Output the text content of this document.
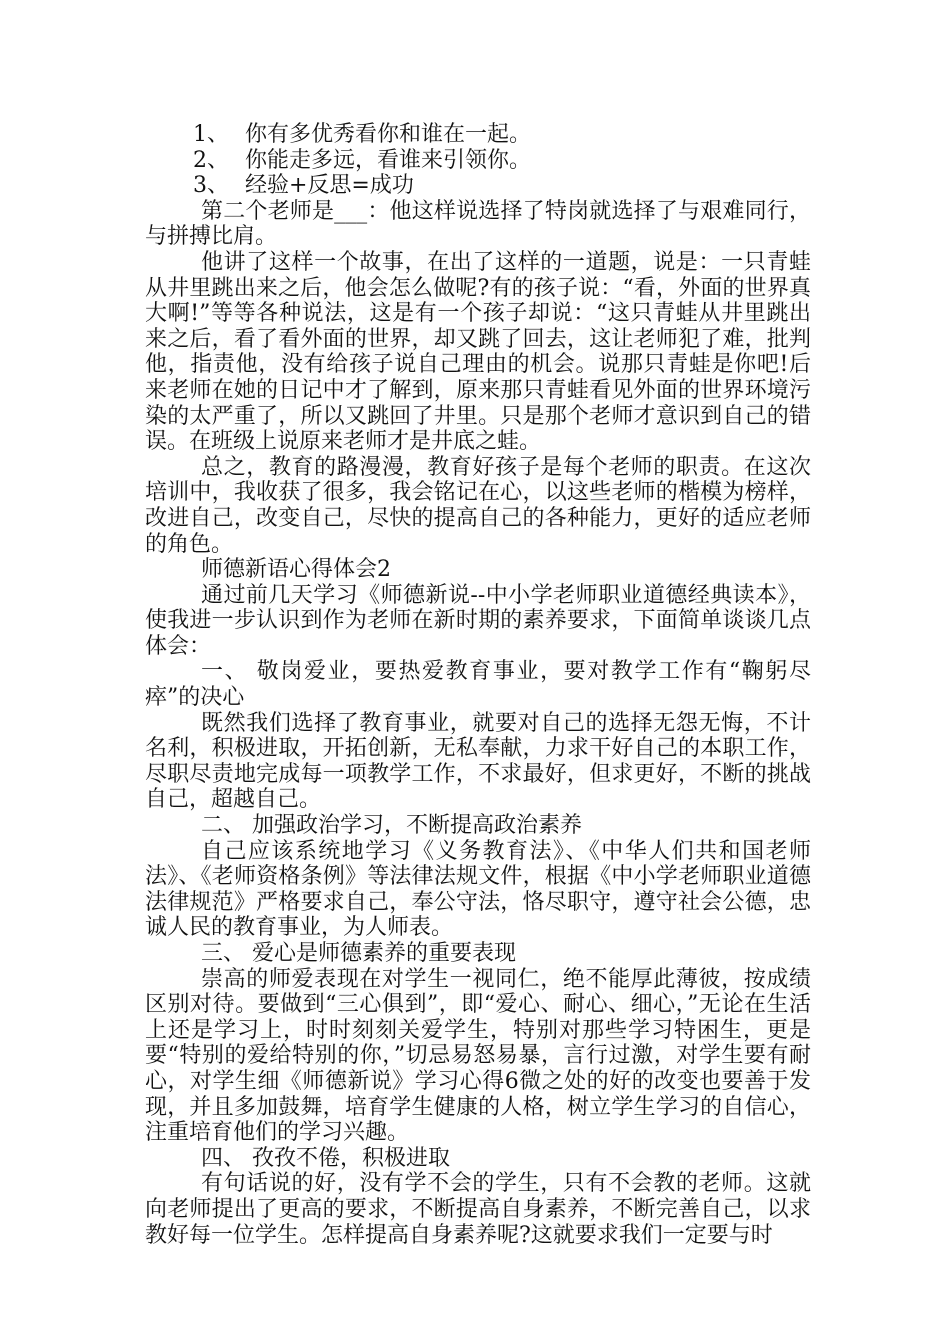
1、 你有多优秀看你和谁在一起。
2、 你能走多远，看谁来引领你。
3、 经验+反思=成功

第二个老师是___：他这样说选择了特岗就选择了与艰难同行，与拼搏比肩。

他讲了这样一个故事，在出了这样的一道题，说是：一只青蛙从井里跳出来之后，他会怎么做呢?有的孩子说：“看，外面的世界真大啊!”等等各种说法，这是有一个孩子却说：“这只青蛙从井里跳出来之后，看了看外面的世界，却又跳了回去，这让老师犯了难，批判他，指责他，没有给孩子说自己理由的机会。说那只青蛙是你吧!后来老师在她的日记中才了解到，原来那只青蛙看见外面的世界环境污染的太严重了，所以又跳回了井里。只是那个老师才意识到自己的错误。在班级上说原来老师才是井底之蛙。

总之，教育的路漫漫，教育好孩子是每个老师的职责。在这次培训中，我收获了很多，我会铭记在心，以这些老师的楷模为榜样，改进自己，改变自己，尽快的提高自己的各种能力，更好的适应老师的角色。

师德新语心得体会2

通过前几天学习《师德新说--中小学老师职业道德经典读本》，使我进一步认识到作为老师在新时期的素养要求，下面简单谈谈几点体会：

一、 敬岗爱业，要热爱教育事业，要对教学工作有“鞠躬尽瘁”的决心

既然我们选择了教育事业，就要对自己的选择无怨无悔，不计名利，积极进取，开拓创新，无私奉献，力求干好自己的本职工作，尽职尽责地完成每一项教学工作，不求最好，但求更好，不断的挑战自己，超越自己。

二、 加强政治学习，不断提高政治素养

自己应该系统地学习《义务教育法》、《中华人们共和国老师法》、《老师资格条例》等法律法规文件，根据《中小学老师职业道德法律规范》严格要求自己，奉公守法，恪尽职守，遵守社会公德，忠诚人民的教育事业，为人师表。

三、 爱心是师德素养的重要表现

崇高的师爱表现在对学生一视同仁，绝不能厚此薄彼，按成绩区别对待。要做到“三心俱到”，即“爱心、耐心、细心，”无论在生活上还是学习上，时时刻刻关爱学生，特别对那些学习特困生，更是要“特别的爱给特别的你，”切忌易怒易暴，言行过激，对学生要有耐心，对学生细《师德新说》学习心得6微之处的好的改变也要善于发现，并且多加鼓舞，培育学生健康的人格，树立学生学习的自信心，注重培育他们的学习兴趣。

四、 孜孜不倦，积极进取

有句话说的好，没有学不会的学生，只有不会教的老师。这就向老师提出了更高的要求，不断提高自身素养，不断完善自己，以求教好每一位学生。怎样提高自身素养呢?这就要求我们一定要与时
